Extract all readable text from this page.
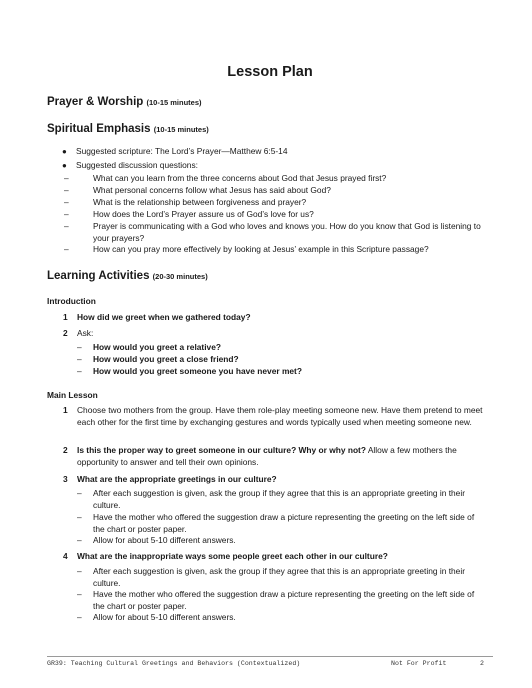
Lesson Plan
Prayer & Worship (10-15 minutes)
Spiritual Emphasis (10-15 minutes)
● Suggested scripture: The Lord’s Prayer—Matthew 6:5-14
● Suggested discussion questions:
–	What can you learn from the three concerns about God that Jesus prayed first?
–	What personal concerns follow what Jesus has said about God?
–	What is the relationship between forgiveness and prayer?
–	How does the Lord’s Prayer assure us of God’s love for us?
–	Prayer is communicating with a God who loves and knows you. How do you know that God is listening to your prayers?
–	How can you pray more effectively by looking at Jesus’ example in this Scripture passage?
Learning Activities (20-30 minutes)
Introduction
1 How did we greet when we gathered today?
2 Ask:
– How would you greet a relative?
– How would you greet a close friend?
– How would you greet someone you have never met?
Main Lesson
1 Choose two mothers from the group. Have them role-play meeting someone new. Have them pretend to meet each other for the first time by exchanging gestures and words typically used when meeting someone new.
2 Is this the proper way to greet someone in our culture? Why or why not? Allow a few mothers the opportunity to answer and tell their own opinions.
3 What are the appropriate greetings in our culture?
– After each suggestion is given, ask the group if they agree that this is an appropriate greeting in their culture.
– Have the mother who offered the suggestion draw a picture representing the greeting on the left side of the chart or poster paper.
– Allow for about 5-10 different answers.
4 What are the inappropriate ways some people greet each other in our culture?
– After each suggestion is given, ask the group if they agree that this is an appropriate greeting in their culture.
– Have the mother who offered the suggestion draw a picture representing the greeting on the left side of the chart or poster paper.
– Allow for about 5-10 different answers.
GR39: Teaching Cultural Greetings and Behaviors (Contextualized)	Not For Profit	2
